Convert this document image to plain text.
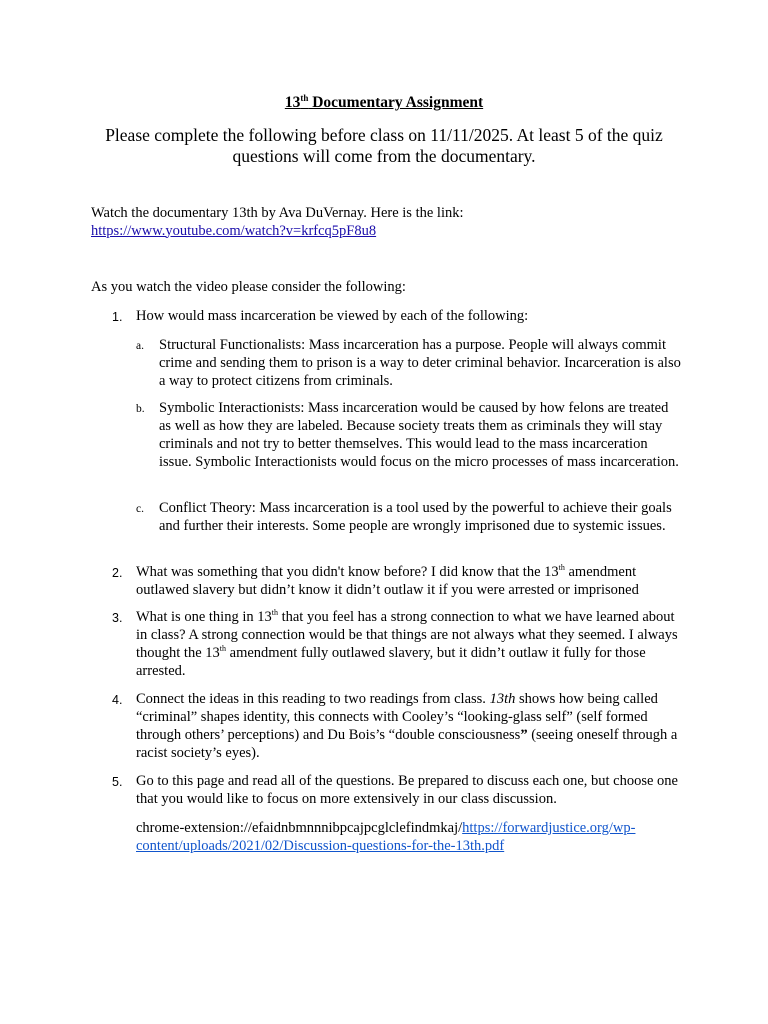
13th Documentary Assignment
Please complete the following before class on 11/11/2025. At least 5 of the quiz questions will come from the documentary.
Watch the documentary 13th by Ava DuVernay. Here is the link:
https://www.youtube.com/watch?v=krfcq5pF8u8
As you watch the video please consider the following:
1. How would mass incarceration be viewed by each of the following:
a. Structural Functionalists: Mass incarceration has a purpose. People will always commit crime and sending them to prison is a way to deter criminal behavior. Incarceration is also a way to protect citizens from criminals.
b. Symbolic Interactionists: Mass incarceration would be caused by how felons are treated as well as how they are labeled. Because society treats them as criminals they will stay criminals and not try to better themselves. This would lead to the mass incarceration issue. Symbolic Interactionists would focus on the micro processes of mass incarceration.
c. Conflict Theory: Mass incarceration is a tool used by the powerful to achieve their goals and further their interests. Some people are wrongly imprisoned due to systemic issues.
2. What was something that you didn't know before? I did know that the 13th amendment outlawed slavery but didn’t know it didn’t outlaw it if you were arrested or imprisoned
3. What is one thing in 13th that you feel has a strong connection to what we have learned about in class? A strong connection would be that things are not always what they seemed. I always thought the 13th amendment fully outlawed slavery, but it didn’t outlaw it fully for those arrested.
4. Connect the ideas in this reading to two readings from class. 13th shows how being called “criminal” shapes identity, this connects with Cooley’s “looking-glass self” (self formed through others’ perceptions) and Du Bois’s “double consciousness” (seeing oneself through a racist society’s eyes).
5. Go to this page and read all of the questions. Be prepared to discuss each one, but choose one that you would like to focus on more extensively in our class discussion.
chrome-extension://efaidnbmnnnibpcajpcglclefindmkaj/https://forwardjustice.org/wp-content/uploads/2021/02/Discussion-questions-for-the-13th.pdf
